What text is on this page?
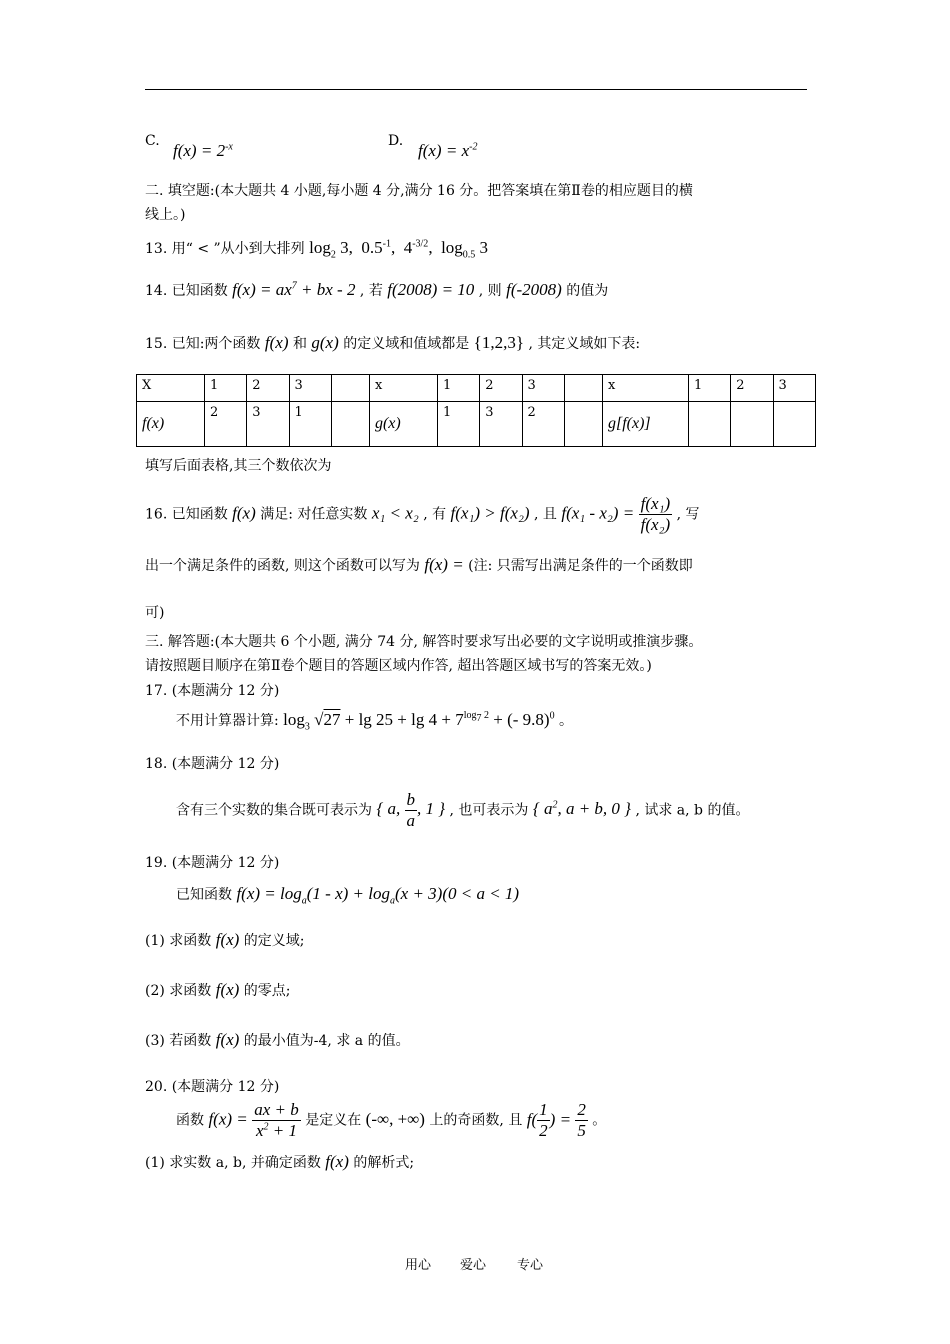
C. $f(x) = 2^{-x}$	D. $f(x) = x^{-2}$
二. 填空题:(本大题共 4 小题,每小题 4 分,满分 16 分。把答案填在第Ⅱ卷的相应题目的横
线上。)
13. 用“ < ”从小到大排列 $\log_2 3$,  $0.5^{-1}$,  $4^{-3/2}$,  $\log_{0.5} 3$
14. 已知函数 $f(x) = ax^7$ + bx - 2 , 若 f(2008) = 10 , 则 f(-2008) 的值为
15. 已知:两个函数 f(x) 和 g(x) 的定义域和值域都是 {1,2,3} , 其定义域如下表:
X	1	2	3		x	1	2	3		x	1	2	3
f(x)	2	3	1		g(x)	1	3	2		g[f(x)]			
填写后面表格,其三个数依次为
16. 已知函数 f(x) 满足: 对任意实数 x₁ < x₂ , 有 f(x₁) > f(x₂) , 且 $f(x_1 - x_2) = \frac{\text{f(x₁)}}{\text{f(x₂)}}$ , 写
出一个满足条件的函数, 则这个函数可以写为 f(x) = (注: 只需写出满足条件的一个函数即
可)
三. 解答题:(本大题共 6 个小题, 满分 74 分, 解答时要求写出必要的文字说明或推演步骤。
请按照题目顺序在第Ⅱ卷个题目的答题区域内作答, 超出答题区域书写的答案无效。)
17. (本题满分 12 分)
不用计算器计算: $\log_3 √27 + \lg 25 + \lg 4 + 7^{log_7 2}$ + (- 9.8)$^0$ 。
18. (本题满分 12 分)
含有三个实数的集合既可表示为 { a, $\frac{b}{a}$ , 1 } , 也可表示为 { $a^2$, a + b, 0 } , 试求 a, b 的值。
19. (本题满分 12 分)
已知函数 $f(x) = \log_a(1 - x) + \log_a(x + 3)(0 < a < 1)$
(1) 求函数 f(x) 的定义域;
(2) 求函数 f(x) 的零点;
(3) 若函数 f(x) 的最小值为-4, 求 a 的值。
20. (本题满分 12 分)
函数 $f(x) = \frac{ax + b}{x^2 + 1}$ 是定义在 (-∞, +∞) 上的奇函数, 且 $f( \frac{1}{2}$ ) = $\frac{2}{5}$ 。
(1) 求实数 a, b, 并确定函数 f(x) 的解析式;
用心 爱心 专心
